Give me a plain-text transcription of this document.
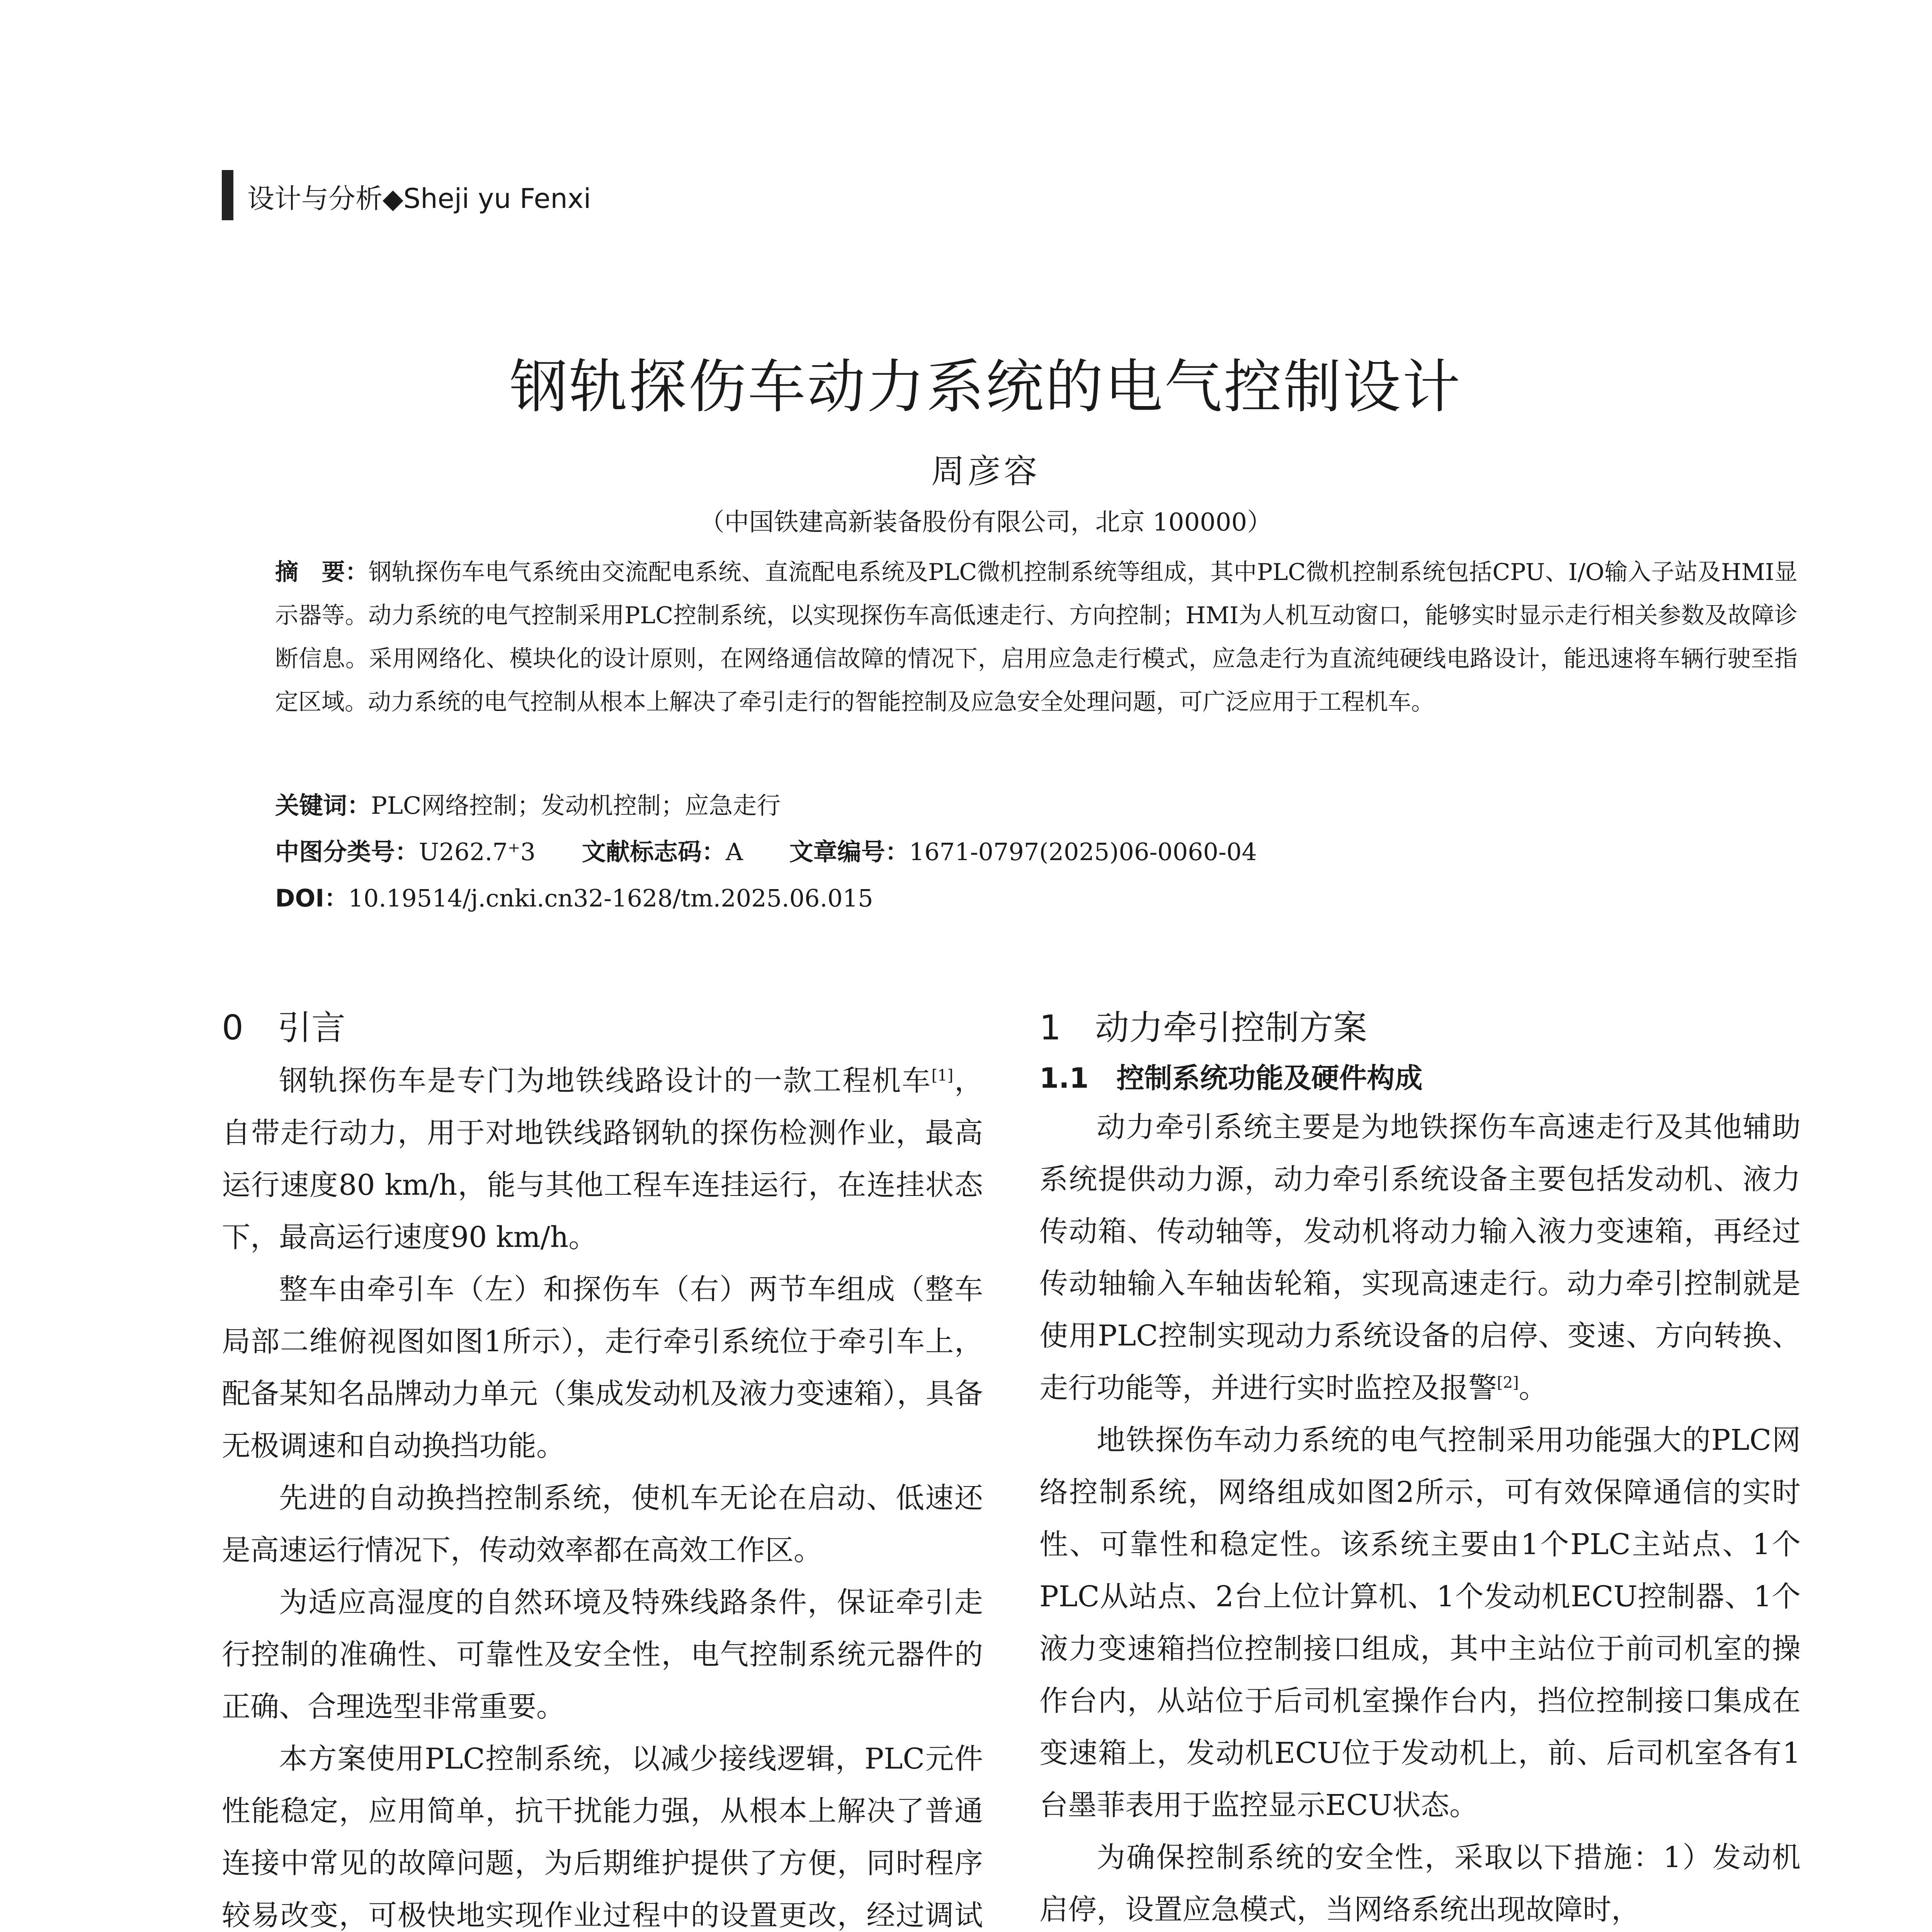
设计与分析◆Sheji yu Fenxi
钢轨探伤车动力系统的电气控制设计
周彦容
（中国铁建高新装备股份有限公司，北京 100000）
摘　要：钢轨探伤车电气系统由交流配电系统、直流配电系统及PLC微机控制系统等组成，其中PLC微机控制系统包括CPU、I/O输入子站及HMI显示器等。动力系统的电气控制采用PLC控制系统，以实现探伤车高低速走行、方向控制；HMI为人机互动窗口，能够实时显示走行相关参数及故障诊断信息。采用网络化、模块化的设计原则，在网络通信故障的情况下，启用应急走行模式，应急走行为直流纯硬线电路设计，能迅速将车辆行驶至指定区域。动力系统的电气控制从根本上解决了牵引走行的智能控制及应急安全处理问题，可广泛应用于工程机车。
关键词：PLC网络控制；发动机控制；应急走行
中图分类号：U262.7⁺3 文献标志码：A 文章编号：1671-0797(2025)06-0060-04
DOI：10.19514/j.cnki.cn32-1628/tm.2025.06.015
0　引言

钢轨探伤车是专门为地铁线路设计的一款工程机车[1]，自带走行动力，用于对地铁线路钢轨的探伤检测作业，最高运行速度80 km/h，能与其他工程车连挂运行，在连挂状态下，最高运行速度90 km/h。

整车由牵引车（左）和探伤车（右）两节车组成（整车局部二维俯视图如图1所示），走行牵引系统位于牵引车上，配备某知名品牌动力单元（集成发动机及液力变速箱），具备无极调速和自动换挡功能。

先进的自动换挡控制系统，使机车无论在启动、低速还是高速运行情况下，传动效率都在高效工作区。

为适应高湿度的自然环境及特殊线路条件，保证牵引走行控制的准确性、可靠性及安全性，电气控制系统元器件的正确、合理选型非常重要。

本方案使用PLC控制系统，以减少接线逻辑，PLC元件性能稳定，应用简单，抗干扰能力强，从根本上解决了普通连接中常见的故障问题，为后期维护提供了方便，同时程序较易改变，可极快地实现作业过程中的设置更改，经过调试

1　动力牵引控制方案
1.1　控制系统功能及硬件构成

动力牵引系统主要是为地铁探伤车高速走行及其他辅助系统提供动力源，动力牵引系统设备主要包括发动机、液力传动箱、传动轴等，发动机将动力输入液力变速箱，再经过传动轴输入车轴齿轮箱，实现高速走行。动力牵引控制就是使用PLC控制实现动力系统设备的启停、变速、方向转换、走行功能等，并进行实时监控及报警[2]。

地铁探伤车动力系统的电气控制采用功能强大的PLC网络控制系统，网络组成如图2所示，可有效保障通信的实时性、可靠性和稳定性。该系统主要由1个PLC主站点、1个PLC从站点、2台上位计算机、1个发动机ECU控制器、1个液力变速箱挡位控制接口组成，其中主站位于前司机室的操作台内，从站位于后司机室操作台内，挡位控制接口集成在变速箱上，发动机ECU位于发动机上，前、后司机室各有1台墨菲表用于监控显示ECU状态。

为确保控制系统的安全性，采取以下措施：1）发动机启停，设置应急模式，当网络系统出现故障时，
